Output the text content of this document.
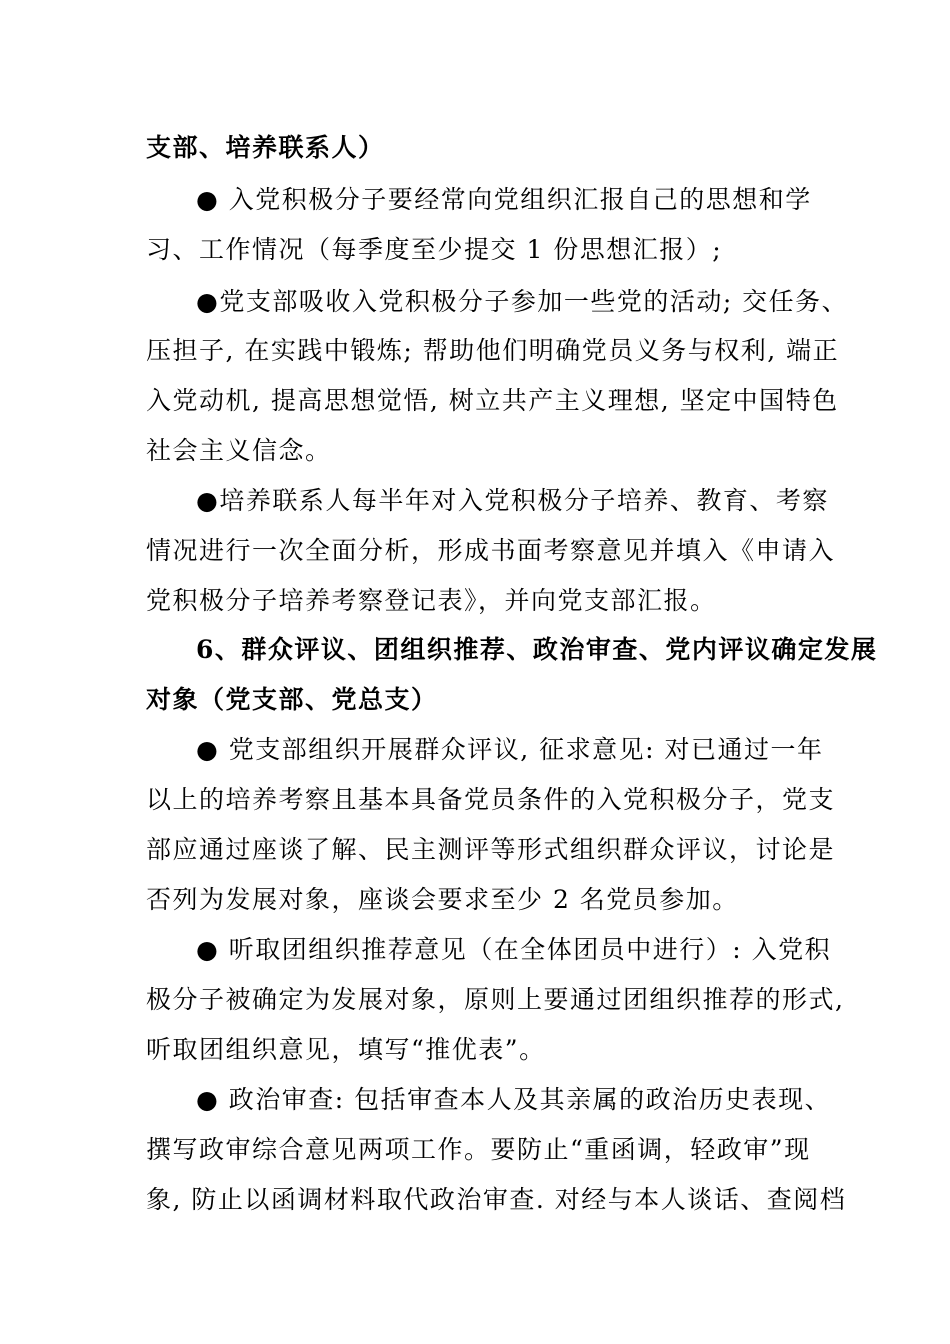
支部、培养联系人）
● 入党积极分子要经常向党组织汇报自己的思想和学
习、工作情况（每季度至少提交 1 份思想汇报）;
●党支部吸收入党积极分子参加一些党的活动; 交任务、
压担子, 在实践中锻炼; 帮助他们明确党员义务与权利, 端正
入党动机, 提高思想觉悟, 树立共产主义理想, 坚定中国特色
社会主义信念。
●培养联系人每半年对入党积极分子培养、教育、考察
情况进行一次全面分析，形成书面考察意见并填入《申请入
党积极分子培养考察登记表》，并向党支部汇报。
6、群众评议、团组织推荐、政治审查、党内评议确定发展
对象（党支部、党总支）
● 党支部组织开展群众评议, 征求意见: 对已通过一年
以上的培养考察且基本具备党员条件的入党积极分子，党支
部应通过座谈了解、民主测评等形式组织群众评议，讨论是
否列为发展对象，座谈会要求至少 2 名党员参加。
● 听取团组织推荐意见（在全体团员中进行）: 入党积
极分子被确定为发展对象，原则上要通过团组织推荐的形式,
听取团组织意见，填写“推优表”。
● 政治审查: 包括审查本人及其亲属的政治历史表现、
撰写政审综合意见两项工作。要防止“重函调，轻政审”现
象, 防止以函调材料取代政治审查. 对经与本人谈话、查阅档
